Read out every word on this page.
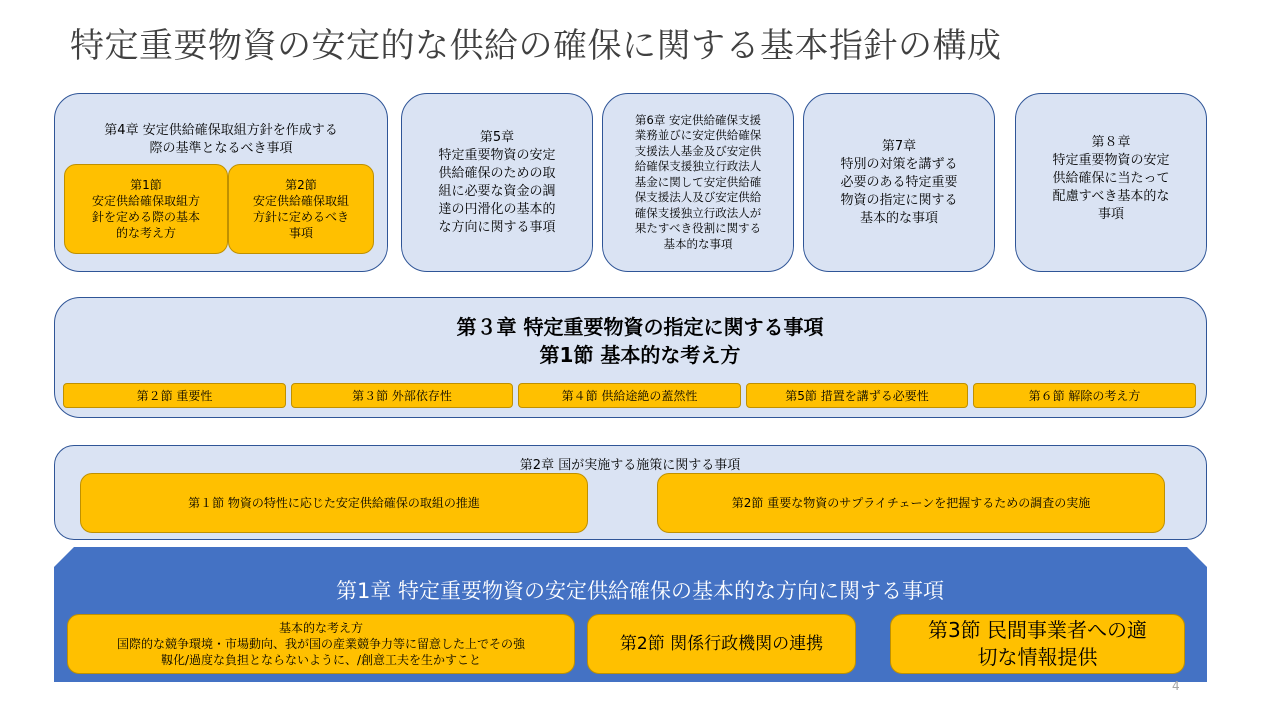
特定重要物資の安定的な供給の確保に関する基本指針の構成
第4章 安定供給確保取組方針を作成する
際の基準となるべき事項
第1節
安定供給確保取組方
針を定める際の基本
的な考え方
第2節
安定供給確保取組
方針に定めるべき
事項
第5章
特定重要物資の安定
供給確保のための取
組に必要な資金の調
達の円滑化の基本的
な方向に関する事項
第6章 安定供給確保支援
業務並びに安定供給確保
支援法人基金及び安定供
給確保支援独立行政法人
基金に関して安定供給確
保支援法人及び安定供給
確保支援独立行政法人が
果たすべき役割に関する
基本的な事項
第7章
特別の対策を講ずる
必要のある特定重要
物資の指定に関する
基本的な事項
第８章
特定重要物資の安定
供給確保に当たって
配慮すべき基本的な
事項
第３章 特定重要物資の指定に関する事項
第1節 基本的な考え方
第２節 重要性	第３節 外部依存性	第４節 供給途絶の蓋然性	第5節 措置を講ずる必要性	第６節 解除の考え方
第2章 国が実施する施策に関する事項
第１節 物資の特性に応じた安定供給確保の取組の推進	第2節 重要な物資のサプライチェーンを把握するための調査の実施
第1章 特定重要物資の安定供給確保の基本的な方向に関する事項
基本的な考え方
国際的な競争環境・市場動向、我が国の産業競争力等に留意した上でその強
靱化/過度な負担とならないように、/創意工夫を生かすこと
第2節 関係行政機関の連携
第3節 民間事業者への適
切な情報提供
4
